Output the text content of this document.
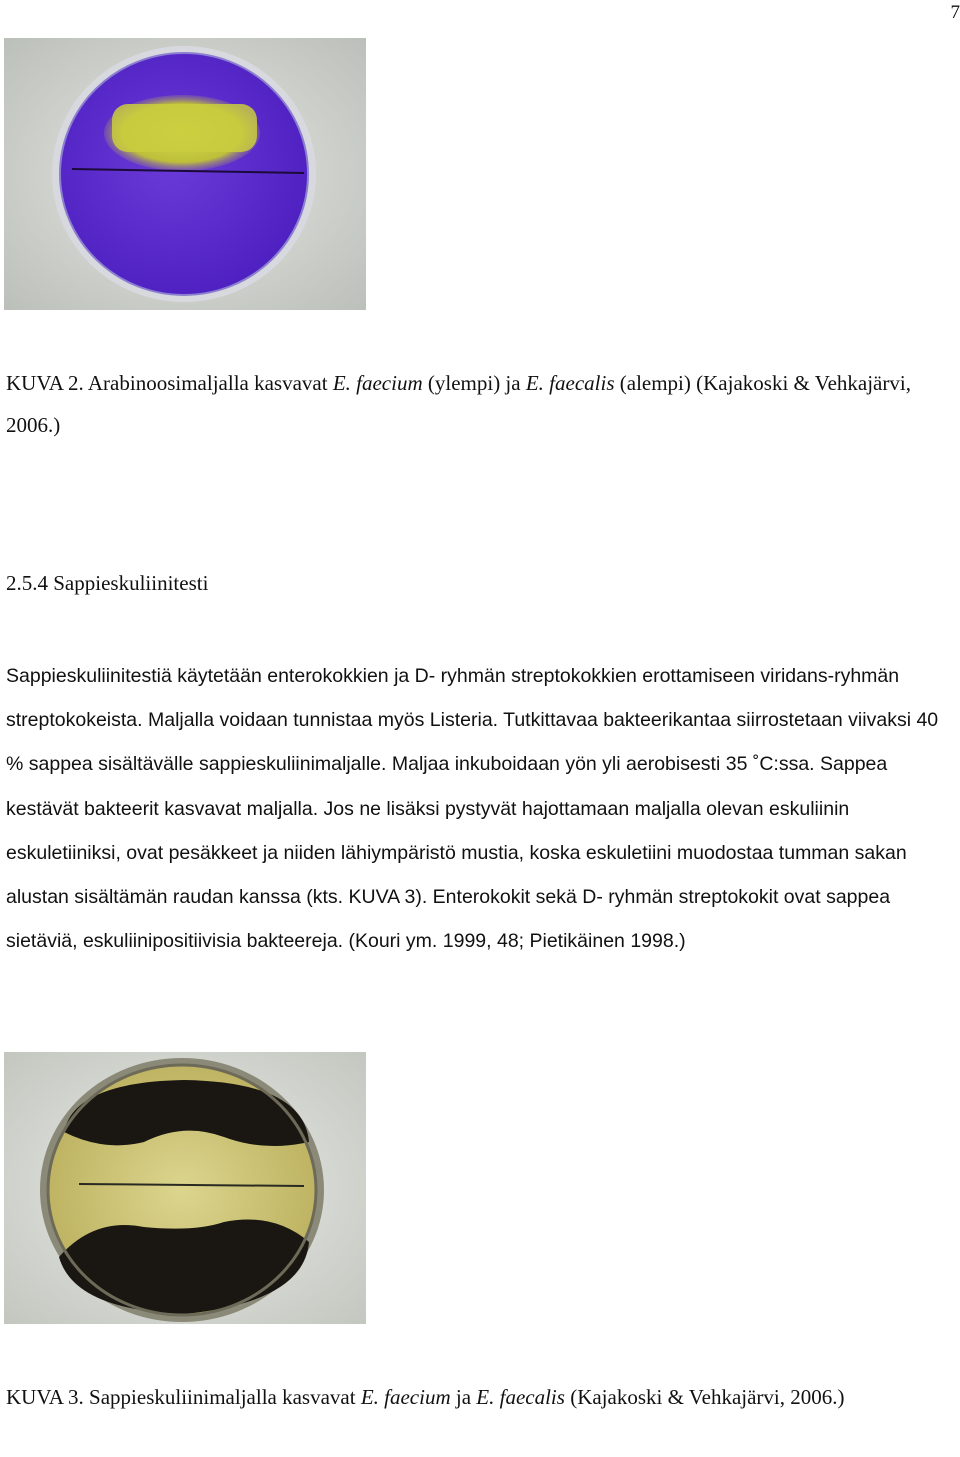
7
KUVA 2. Arabinoosimaljalla kasvavat E. faecium (ylempi) ja E. faecalis (alempi) (Kajakoski & Vehkajärvi, 2006.)
2.5.4 Sappieskuliinitesti
Sappieskuliinitestiä käytetään enterokokkien ja D- ryhmän streptokokkien erottamiseen viridans-ryhmän streptokokeista. Maljalla voidaan tunnistaa myös Listeria. Tutkittavaa bakteerikantaa siirrostetaan viivaksi 40 % sappea sisältävälle sappieskuliinimaljalle. Maljaa inkuboidaan yön yli aerobisesti 35 ˚C:ssa. Sappea kestävät bakteerit kasvavat maljalla. Jos ne lisäksi pystyvät hajottamaan maljalla olevan eskuliinin eskuletiiniksi, ovat pesäkkeet ja niiden lähiympäristö mustia, koska eskuletiini muodostaa tumman sakan alustan sisältämän raudan kanssa (kts. KUVA 3). Enterokokit sekä D- ryhmän streptokokit ovat sappea sietäviä, eskuliinipositiivisia bakteereja. (Kouri ym. 1999, 48; Pietikäinen 1998.)
KUVA 3. Sappieskuliinimaljalla kasvavat E. faecium ja E. faecalis (Kajakoski & Vehkajärvi, 2006.)
